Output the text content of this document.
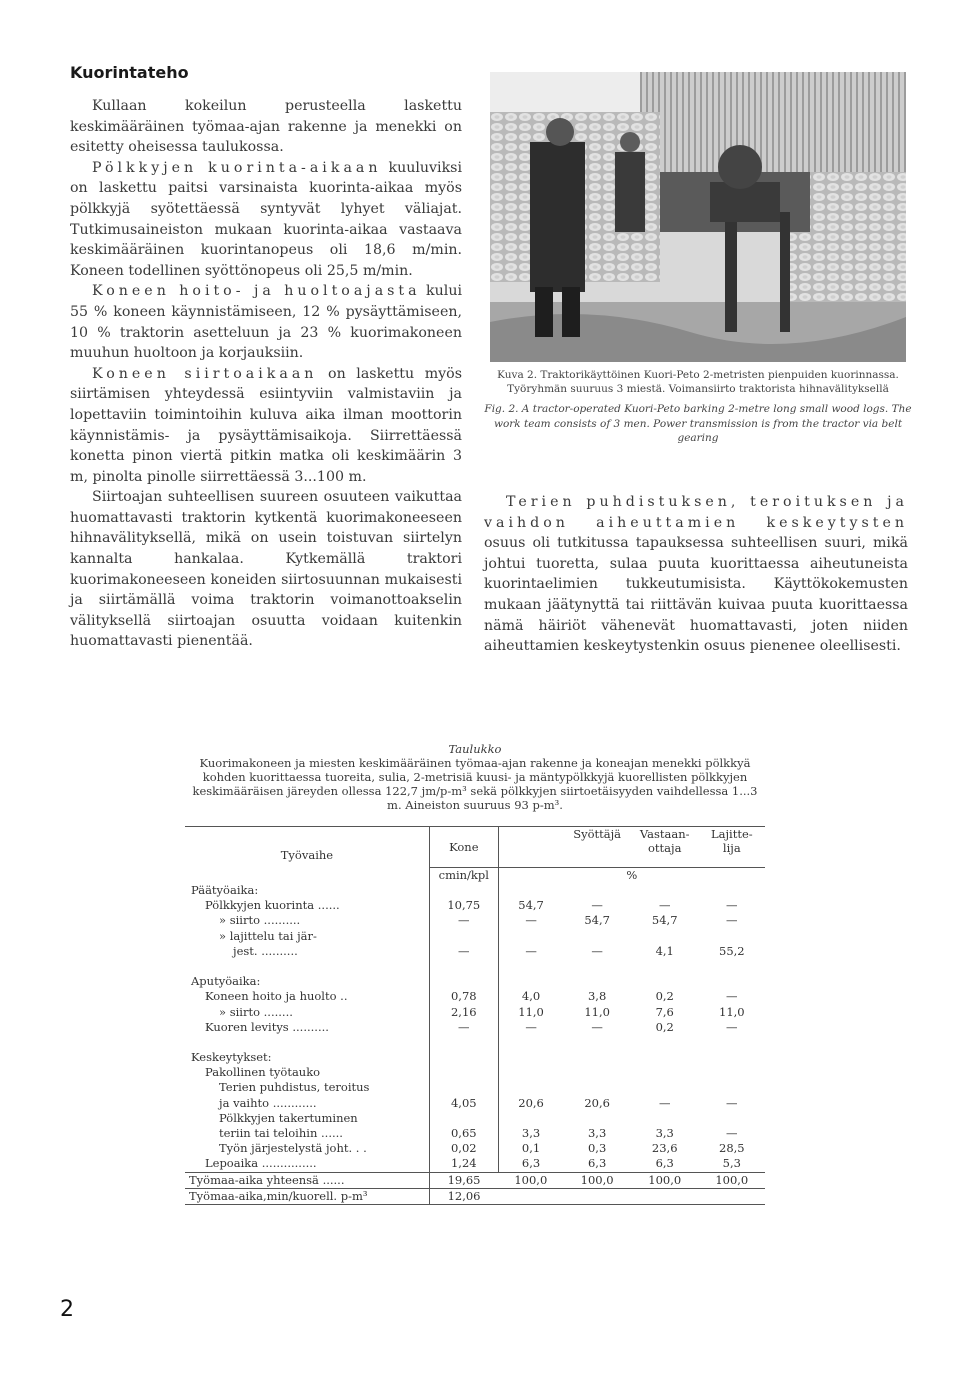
Kuorintateho

Kullaan kokeilun perusteella laskettu keskimääräinen työmaa-ajan rakenne ja menekki on esitetty oheisessa taulukossa.

Pölkkyjen kuorinta-aikaan kuuluviksi on laskettu paitsi varsinaista kuorinta-aikaa myös pölkkyjä syötettäessä syntyvät lyhyet väliajat. Tutkimusaineiston mukaan kuorinta-aikaa vastaava keskimääräinen kuorintanopeus oli 18,6 m/min. Koneen todellinen syöttönopeus oli 25,5 m/min.

Koneen hoito- ja huoltoajasta kului 55 % koneen käynnistämiseen, 12 % pysäyttämiseen, 10 % traktorin asetteluun ja 23 % kuorimakoneen muuhun huoltoon ja korjauksiin.

Koneen siirtoaikaan on laskettu myös siirtämisen yhteydessä esiintyviin valmistaviin ja lopettaviin toimintoihin kuluva aika ilman moottorin käynnistämis- ja pysäyttämisaikoja. Siirrettäessä konetta pinon viertä pitkin matka oli keskimäärin 3 m, pinolta pinolle siirrettäessä 3...100 m.

Siirtoajan suhteellisen suureen osuuteen vaikuttaa huomattavasti traktorin kytkentä kuorimakoneeseen hihnavälityksellä, mikä on usein toistuvan siirtelyn kannalta hankalaa. Kytkemällä traktori kuorimakoneeseen koneiden siirtosuunnan mukaisesti ja siirtämällä voima traktorin voimanottoakselin välityksellä siirtoajan osuutta voidaan kuitenkin huomattavasti pienentää.

Kuva 2. Traktorikäyttöinen Kuori-Peto 2-metristen pienpuiden kuorinnassa. Työryhmän suuruus 3 miestä. Voimansiirto traktorista hihnavälityksellä

Fig. 2. A tractor-operated Kuori-Peto barking 2-metre long small wood logs. The work team consists of 3 men. Power transmission is from the tractor via belt gearing

Terien puhdistuksen, teroituksen ja vaihdon aiheuttamien keskeytysten osuus oli tutkitussa tapauksessa suhteellisen suuri, mikä johtui tuoretta, sulaa puuta kuorittaessa aiheutuneista kuorintaelimien tukkeutumisista. Käyttökokemusten mukaan jäätynyttä tai riittävän kuivaa puuta kuorittaessa nämä häiriöt vähenevät huomattavasti, joten niiden aiheuttamien keskeytystenkin osuus pienenee oleellisesti.

Taulukko
Kuorimakoneen ja miesten keskimääräinen työmaa-ajan rakenne ja koneajan menekki pölkkyä kohden kuorittaessa tuoreita, sulia, 2-metrisiä kuusi- ja mäntypölkkyjä kuorellisten pölkkyjen keskimääräisen järeyden ollessa 122,7 jm/p-m³ sekä pölkkyjen siirtoetäisyyden vaihdellessa 1...3 m. Aineiston suuruus 93 p-m³.
Työvaihe	Kone		Syöttäjä	Vastaan-ottaja	Lajitte-lija

	cmin/kpl	%			
Päätyöaika:					
Pölkkyjen kuorinta ......	10,75	54,7	—	—	—
» siirto ..........	—	—	54,7	54,7	—
» lajittelu tai jär-					
jest. ..........	—	—	—	4,1	55,2

Aputyöaika:					
Koneen hoito ja huolto ..	0,78	4,0	3,8	0,2	—
» siirto ........	2,16	11,0	11,0	7,6	11,0
Kuoren levitys ..........	—	—	—	0,2	—

Keskeytykset:					
Pakollinen työtauko					
Terien puhdistus, teroitus					
ja vaihto ............	4,05	20,6	20,6	—	—
Pölkkyjen takertuminen					
teriin tai teloihin ......	0,65	3,3	3,3	3,3	—
Työn järjestelystä joht. . .	0,02	0,1	0,3	23,6	28,5
Lepoaika ...............	1,24	6,3	6,3	6,3	5,3
Työmaa-aika yhteensä ......	19,65	100,0	100,0	100,0	100,0
Työmaa-aika,min/kuorell. p-m³	12,06				
2
